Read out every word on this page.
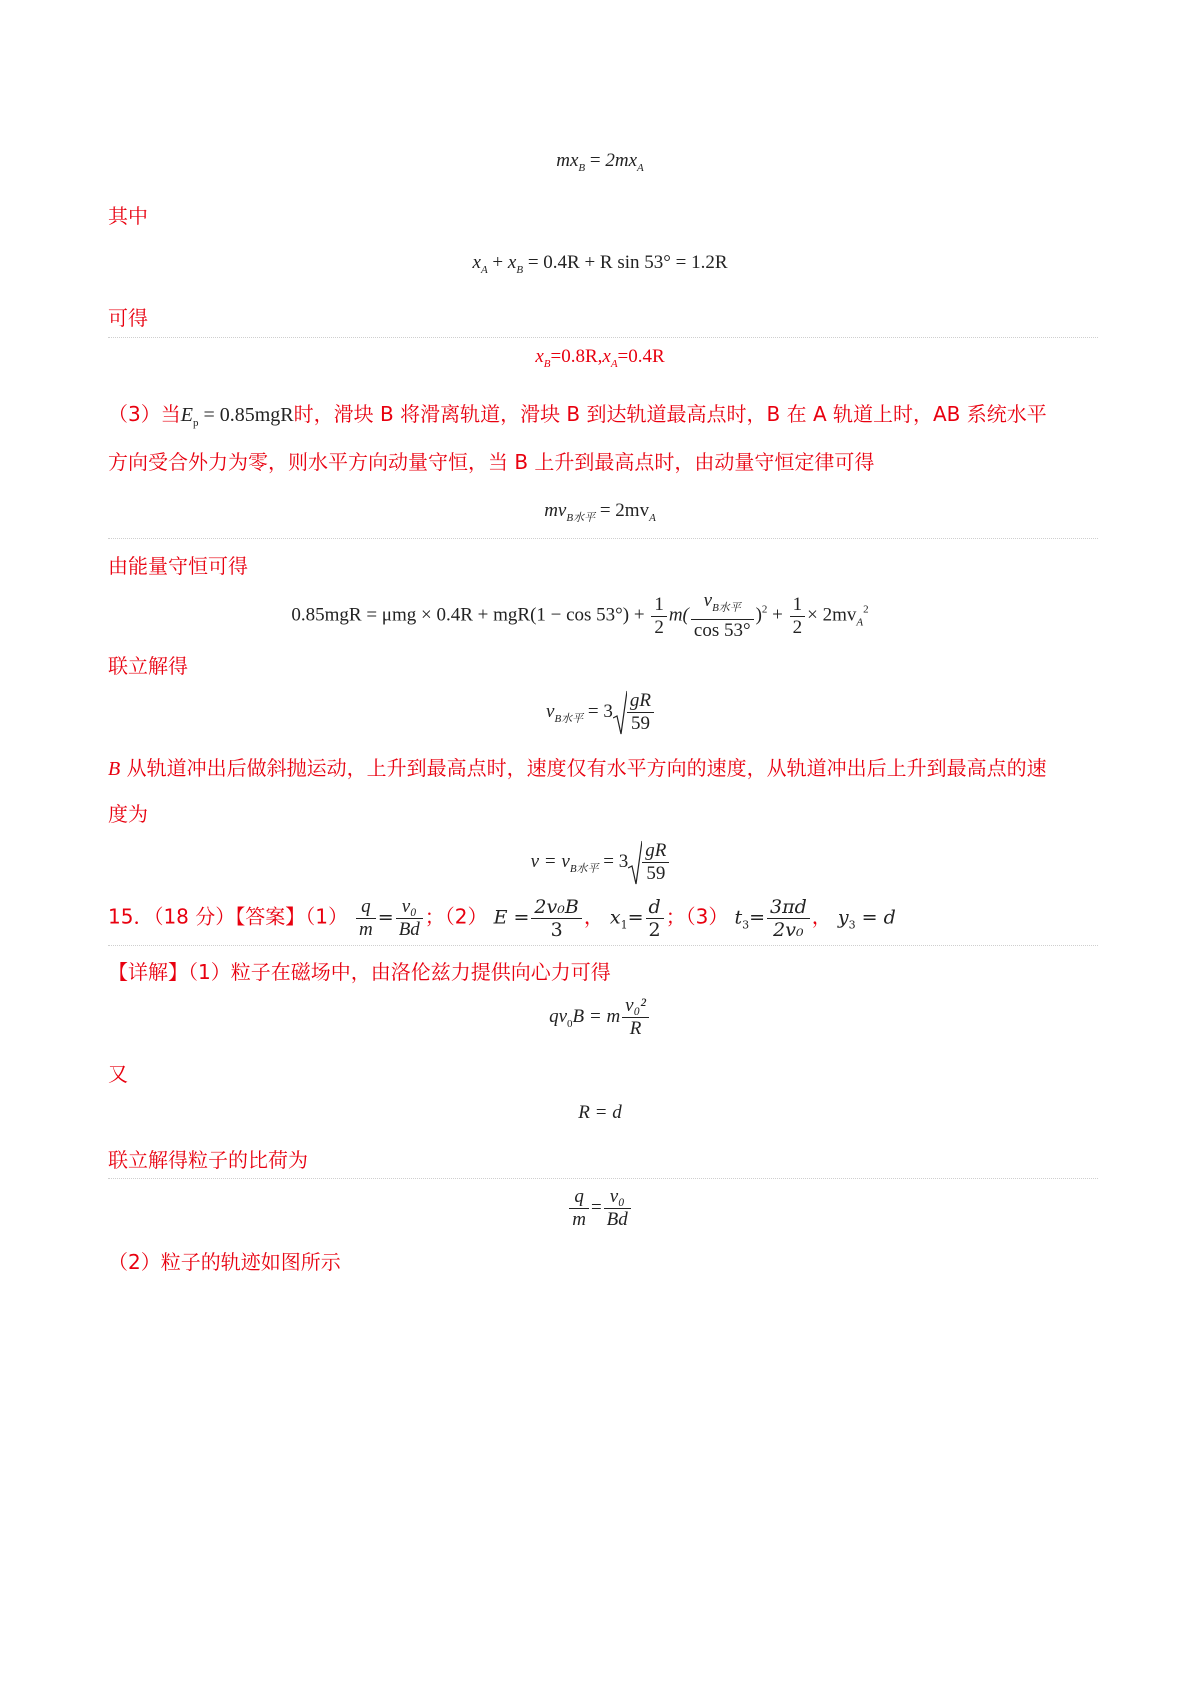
$mx_B = 2mx_A$
其中
$x_A + x_B = 0.4R + R$ sin 53° = 1.2R
可得
$x_B=0.8R,x_A=0.4R$
（3）当$E_p = 0.85mgR$时，滑块 B 将滑离轨道，滑块 B 到达轨道最高点时，B 在 A 轨道上时，AB 系统水平
方向受合外力为零，则水平方向动量守恒，当 B 上升到最高点时，由动量守恒定律可得
$mv_{B水平} = 2mv_A$
由能量守恒可得
$0.85mgR = \mu mg \times 0.4R + mgR(1 - \cos 53^\circ) + \frac{1}{2} m( \frac{v_{B水平}}{\cos 53^\circ} )^2 + \frac{1}{2} \times 2mv_A^2$
联立解得
$v_{B水平} = 3 \frac{gR}{59}$
B 从轨道冲出后做斜抛运动，上升到最高点时，速度仅有水平方向的速度，从轨道冲出后上升到最高点的速
度为
$v = v_{B水平} = 3 \frac{gR}{59}$
15．（18 分）【答案】$(1) \frac{q}{m} = \frac{\text{v₀}}{Bd}$ ；（2） $E = \frac{\text{2v₀B}}{3}$ ， $x_1= \frac{d}{2}$ ；（3） $t_3= \frac{3\pi d}{\text{2v₀}}$ ， $y_3 = d$
【详解】（1）粒子在磁场中，由洛伦兹力提供向心力可得
$qv_0B = m \frac{\text{v₀²}}{R}$
又
R = d
联立解得粒子的比荷为
$\frac{q}{m} = \frac{\text{v₀}}{Bd}$
（2）粒子的轨迹如图所示
